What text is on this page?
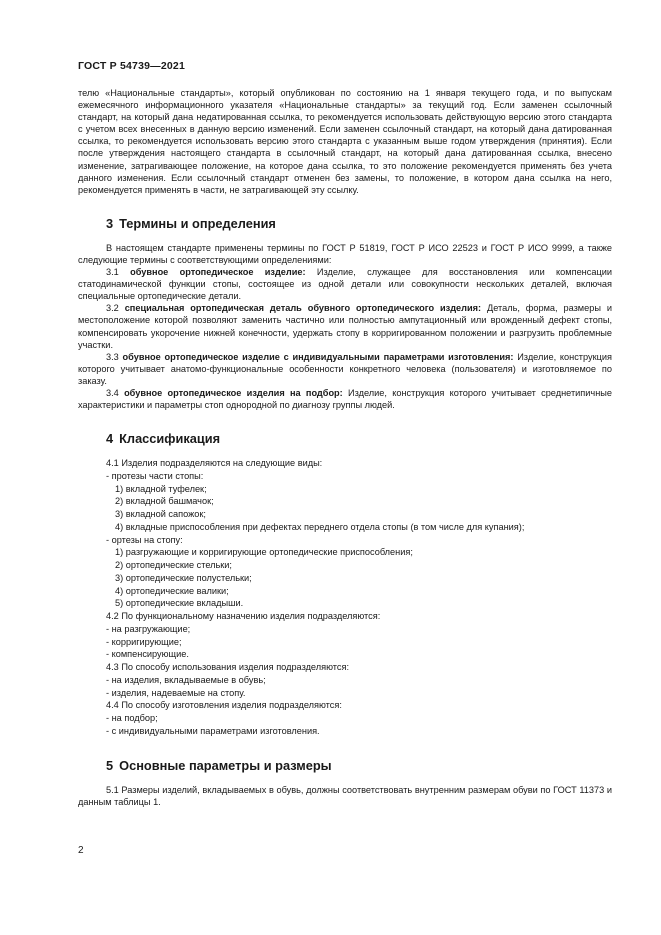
ГОСТ Р 54739—2021

телю «Национальные стандарты», который опубликован по состоянию на 1 января текущего года, и по выпускам ежемесячного информационного указателя «Национальные стандарты» за текущий год. Если заменен ссылочный стандарт, на который дана недатированная ссылка, то рекомендуется использовать действующую версию этого стандарта с учетом всех внесенных в данную версию изменений. Если заменен ссылочный стандарт, на который дана датированная ссылка, то рекомендуется использовать версию этого стандарта с указанным выше годом утверждения (принятия). Если после утверждения настоящего стандарта в ссылочный стандарт, на который дана датированная ссылка, внесено изменение, затрагивающее положение, на которое дана ссылка, то это положение рекомендуется применять без учета данного изменения. Если ссылочный стандарт отменен без замены, то положение, в котором дана ссылка на него, рекомендуется применять в части, не затрагивающей эту ссылку.

3 Термины и определения

В настоящем стандарте применены термины по ГОСТ Р 51819, ГОСТ Р ИСО 22523 и ГОСТ Р ИСО 9999, а также следующие термины с соответствующими определениями:

3.1 обувное ортопедическое изделие: Изделие, служащее для восстановления или компенсации статодинамической функции стопы, состоящее из одной детали или совокупности нескольких деталей, включая специальные ортопедические детали.

3.2 специальная ортопедическая деталь обувного ортопедического изделия: Деталь, форма, размеры и местоположение которой позволяют заменить частично или полностью ампутационный или врожденный дефект стопы, компенсировать укорочение нижней конечности, удержать стопу в корригированном положении и разгрузить проблемные участки.

3.3 обувное ортопедическое изделие с индивидуальными параметрами изготовления: Изделие, конструкция которого учитывает анатомо-функциональные особенности конкретного человека (пользователя) и изготовляемое по заказу.

3.4 обувное ортопедическое изделия на подбор: Изделие, конструкция которого учитывает среднетипичные характеристики и параметры стоп однородной по диагнозу группы людей.

4 Классификация
4.1 Изделия подразделяются на следующие виды:
- протезы части стопы:
1) вкладной туфелек;
2) вкладной башмачок;
3) вкладной сапожок;
4) вкладные приспособления при дефектах переднего отдела стопы (в том числе для купания);
- ортезы на стопу:
1) разгружающие и корригирующие ортопедические приспособления;
2) ортопедические стельки;
3) ортопедические полустельки;
4) ортопедические валики;
5) ортопедические вкладыши.
4.2 По функциональному назначению изделия подразделяются:
- на разгружающие;
- корригирующие;
- компенсирующие.
4.3 По способу использования изделия подразделяются:
- на изделия, вкладываемые в обувь;
- изделия, надеваемые на стопу.
4.4 По способу изготовления изделия подразделяются:
- на подбор;
- с индивидуальными параметрами изготовления.
5 Основные параметры и размеры

5.1 Размеры изделий, вкладываемых в обувь, должны соответствовать внутренним размерам обуви по ГОСТ 11373 и данным таблицы 1.

2
